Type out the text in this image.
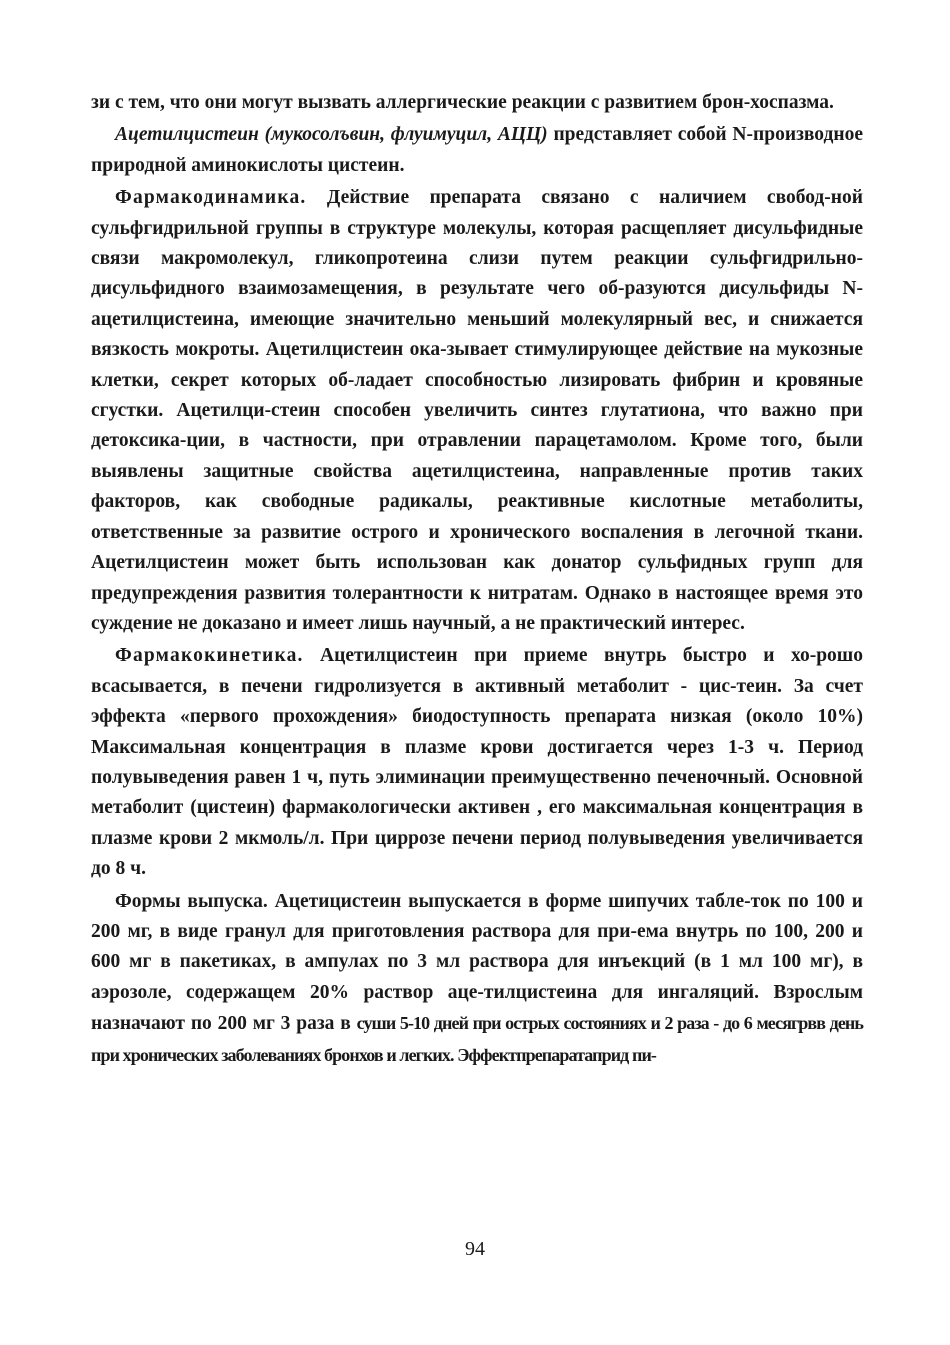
зи с тем, что они могут вызвать аллергические реакции с развитием брон-хоспазма.

Ацетилцистеин (мукосолъвин, флуимуцил, АЦЦ) представляет собой N-производное природной аминокислоты цистеин.

Фармакодинамика. Действие препарата связано с наличием свобод-ной сульфгидрильной группы в структуре молекулы, которая расщепляет дисульфидные связи макромолекул, гликопротеина слизи путем реакции сульфгидрильно-дисульфидного взаимозамещения, в результате чего об-разуются дисульфиды N-ацетилцистеина, имеющие значительно меньший молекулярный вес, и снижается вязкость мокроты. Ацетилцистеин ока-зывает стимулирующее действие на мукозные клетки, секрет которых об-ладает способностью лизировать фибрин и кровяные сгустки. Ацетилци-стеин способен увеличить синтез глутатиона, что важно при детоксика-ции, в частности, при отравлении парацетамолом. Кроме того, были выявлены защитные свойства ацетилцистеина, направленные против таких факторов, как свободные радикалы, реактивные кислотные метаболиты, ответственные за развитие острого и хронического воспаления в легочной ткани. Ацетилцистеин может быть использован как донатор сульфидных групп для предупреждения развития толерантности к нитратам. Однако в настоящее время это суждение не доказано и имеет лишь научный, а не практический интерес.

Фармакокинетика. Ацетилцистеин при приеме внутрь быстро и хо-рошо всасывается, в печени гидролизуется в активный метаболит - цис-теин. За счет эффекта «первого прохождения» биодоступность препарата низкая (около 10%) Максимальная концентрация в плазме крови достигается через 1-3 ч. Период полувыведения равен 1 ч, путь элиминации преимущественно печеночный. Основной метаболит (цистеин) фармакологически активен , его максимальная концентрация в плазме крови 2 мкмоль/л. При циррозе печени период полувыведения увеличивается до 8 ч.

Формы выпуска. Ацетицистеин выпускается в форме шипучих табле-ток по 100 и 200 мг, в виде гранул для приготовления раствора для при-ема внутрь по 100, 200 и 600 мг в пакетиках, в ампулах по 3 мл раствора для инъекций (в 1 мл 100 мг), в аэрозоле, содержащем 20% раствор аце-тилцистеина для ингаляций. Взрослым назначают по 200 мг 3 раза в суши 5-10 дней при острых состояниях и 2 раза - до 6 месягрвв день при хронических заболеваниях бронхов и легких. Эффектпрепаратаприд пи-

94
